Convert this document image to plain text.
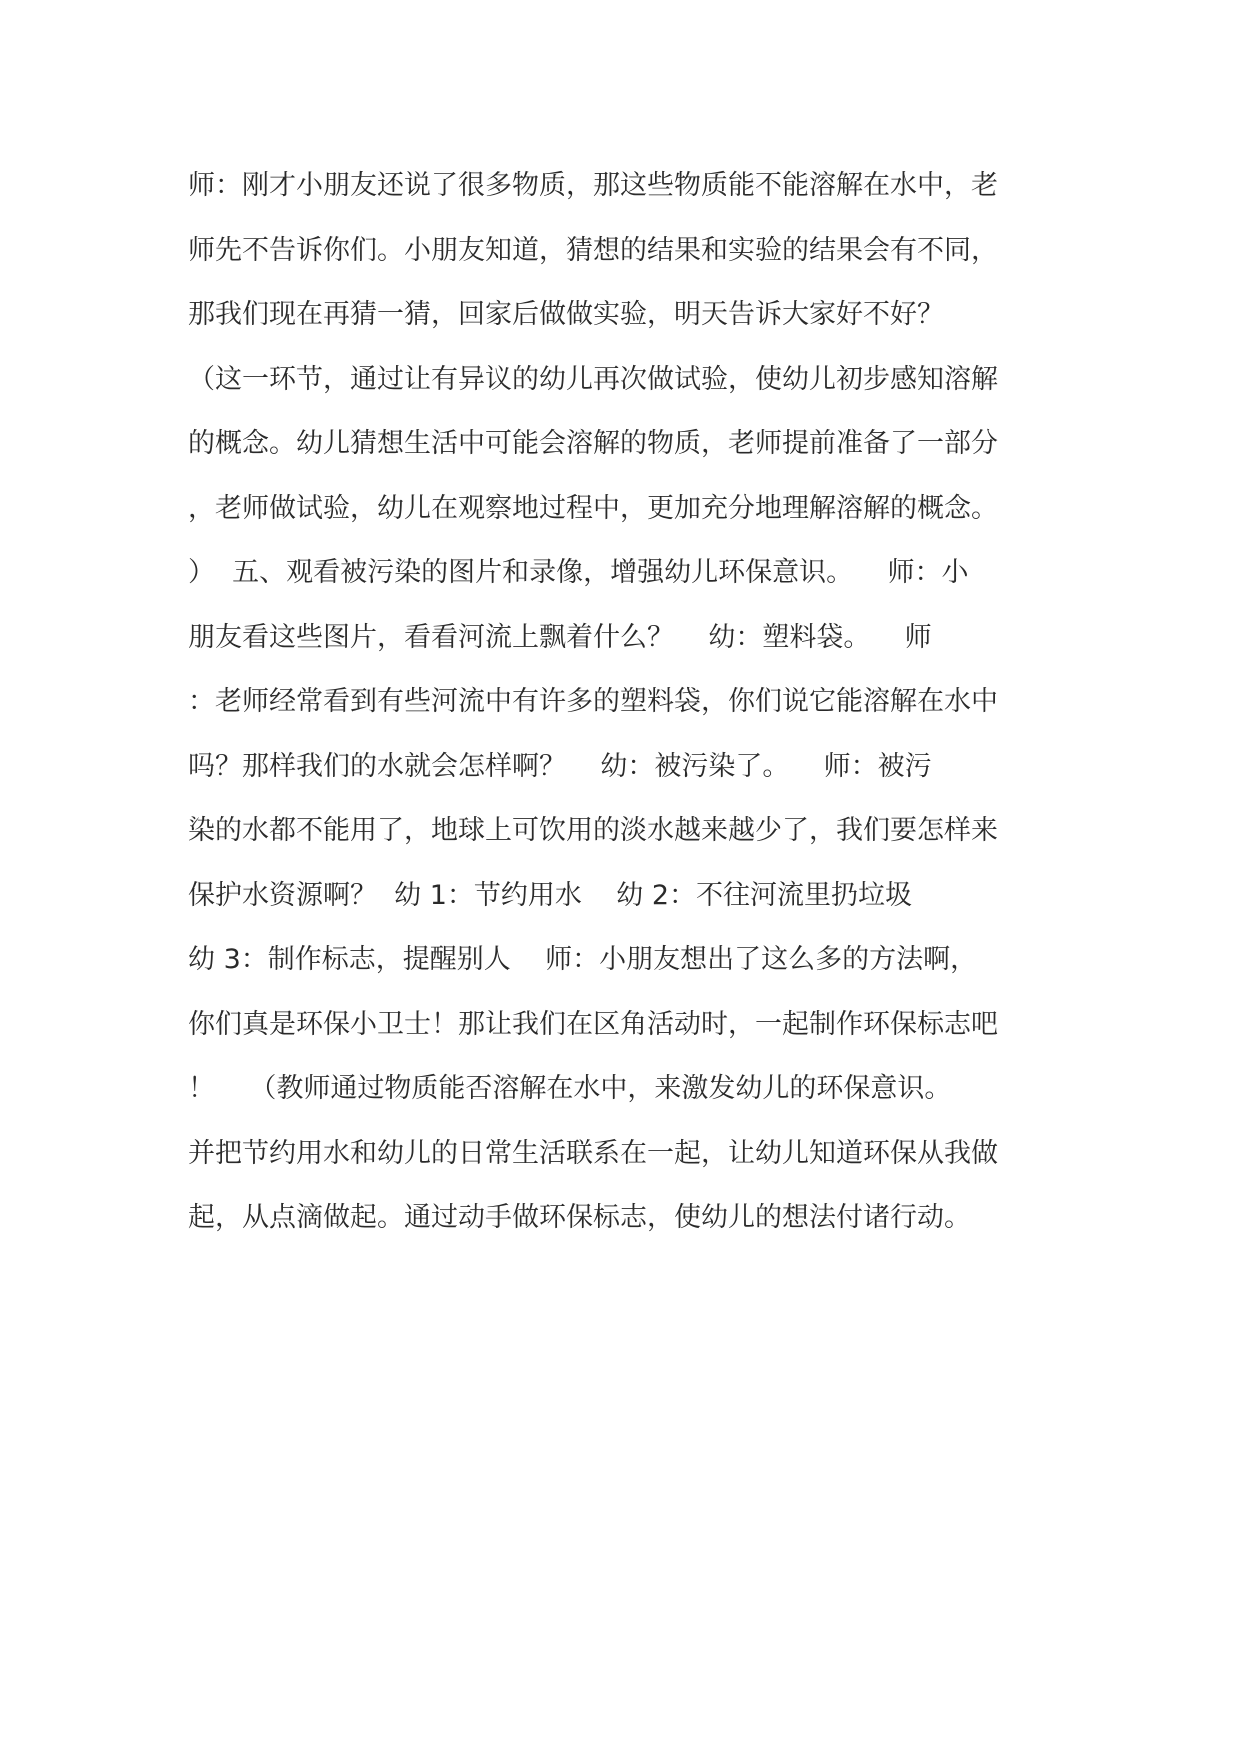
师：刚才小朋友还说了很多物质，那这些物质能不能溶解在水中，老
师先不告诉你们。小朋友知道，猜想的结果和实验的结果会有不同，
那我们现在再猜一猜，回家后做做实验，明天告诉大家好不好？
（这一环节，通过让有异议的幼儿再次做试验，使幼儿初步感知溶解
的概念。幼儿猜想生活中可能会溶解的物质，老师提前准备了一部分
，老师做试验，幼儿在观察地过程中，更加充分地理解溶解的概念。
）  五、观看被污染的图片和录像，增强幼儿环保意识。    师：小
朋友看这些图片，看看河流上飘着什么？    幼：塑料袋。    师
：老师经常看到有些河流中有许多的塑料袋，你们说它能溶解在水中
吗？那样我们的水就会怎样啊？    幼：被污染了。    师：被污
染的水都不能用了，地球上可饮用的淡水越来越少了，我们要怎样来
保护水资源啊？  幼 1：节约用水    幼 2：不往河流里扔垃圾
幼 3：制作标志，提醒别人    师：小朋友想出了这么多的方法啊，
你们真是环保小卫士！那让我们在区角活动时，一起制作环保标志吧
！    （教师通过物质能否溶解在水中，来激发幼儿的环保意识。
并把节约用水和幼儿的日常生活联系在一起，让幼儿知道环保从我做
起，从点滴做起。通过动手做环保标志，使幼儿的想法付诸行动。
